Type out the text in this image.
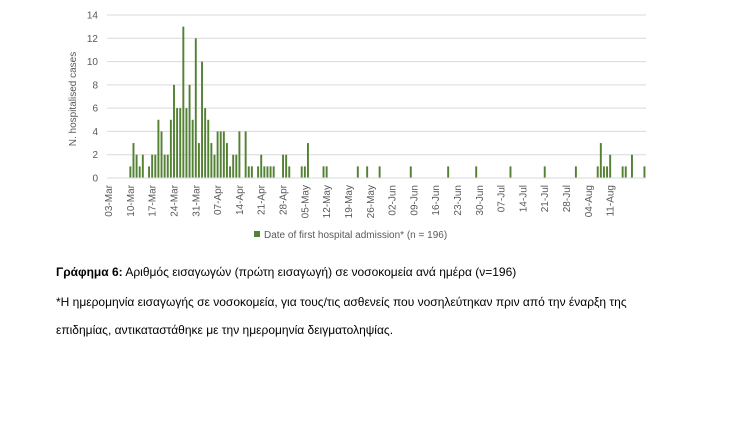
0
2
4
6
8
10
12
14
03-Mar 10-Mar 17-Mar 24-Mar 31-Mar 07-Apr 14-Apr 21-Apr 28-Apr 05-May 12-May 19-May 26-May 02-Jun 09-Jun 16-Jun 23-Jun 30-Jun 07-Jul 14-Jul 21-Jul 28-Jul 04-Aug 11-Aug
N. hospitalised cases
Date of first hospital admission* (n = 196)
Γράφημα 6: Αριθμός εισαγωγών (πρώτη εισαγωγή) σε νοσοκομεία ανά ημέρα (ν=196)
*Η ημερομηνία εισαγωγής σε νοσοκομεία, για τους/τις ασθενείς που νοσηλεύτηκαν πριν από την έναρξη της
επιδημίας, αντικαταστάθηκε με την ημερομηνία δειγματοληψίας.
